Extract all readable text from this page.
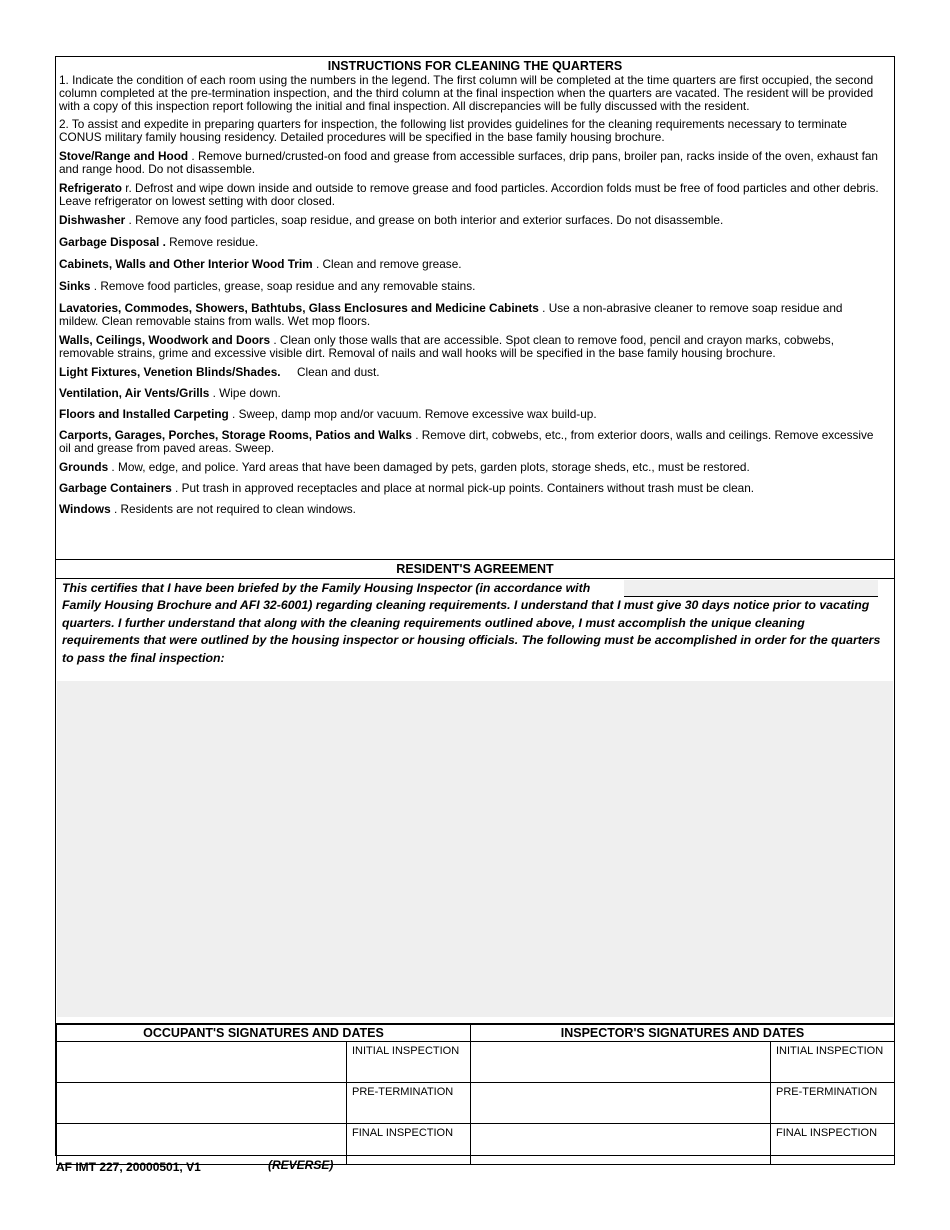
INSTRUCTIONS FOR CLEANING THE QUARTERS

1. Indicate the condition of each room using the numbers in the legend. The first column will be completed at the time quarters are first occupied, the second column completed at the pre-termination inspection, and the third column at the final inspection when the quarters are vacated. The resident will be provided with a copy of this inspection report following the initial and final inspection. All discrepancies will be fully discussed with the resident.

2. To assist and expedite in preparing quarters for inspection, the following list provides guidelines for the cleaning requirements necessary to terminate CONUS military family housing residency. Detailed procedures will be specified in the base family housing brochure.

Stove/Range and Hood . Remove burned/crusted-on food and grease from accessible surfaces, drip pans, broiler pan, racks inside of the oven, exhaust fan and range hood. Do not disassemble.

Refrigerato r. Defrost and wipe down inside and outside to remove grease and food particles. Accordion folds must be free of food particles and other debris. Leave refrigerator on lowest setting with door closed.

Dishwasher . Remove any food particles, soap residue, and grease on both interior and exterior surfaces. Do not disassemble.

Garbage Disposal . Remove residue.

Cabinets, Walls and Other Interior Wood Trim . Clean and remove grease.

Sinks . Remove food particles, grease, soap residue and any removable stains.

Lavatories, Commodes, Showers, Bathtubs, Glass Enclosures and Medicine Cabinets . Use a non-abrasive cleaner to remove soap residue and mildew. Clean removable stains from walls. Wet mop floors.

Walls, Ceilings, Woodwork and Doors . Clean only those walls that are accessible. Spot clean to remove food, pencil and crayon marks, cobwebs, removable strains, grime and excessive visible dirt. Removal of nails and wall hooks will be specified in the base family housing brochure.

Light Fixtures, Venetion Blinds/Shades.     Clean and dust.

Ventilation, Air Vents/Grills . Wipe down.

Floors and Installed Carpeting . Sweep, damp mop and/or vacuum. Remove excessive wax build-up.

Carports, Garages, Porches, Storage Rooms, Patios and Walks . Remove dirt, cobwebs, etc., from exterior doors, walls and ceilings. Remove excessive oil and grease from paved areas. Sweep.

Grounds . Mow, edge, and police. Yard areas that have been damaged by pets, garden plots, storage sheds, etc., must be restored.

Garbage Containers . Put trash in approved receptacles and place at normal pick-up points. Containers without trash must be clean.

Windows . Residents are not required to clean windows.

RESIDENT'S AGREEMENT
This certifies that I have been briefed by the Family Housing Inspector (in accordance with
Family Housing Brochure and AFI 32-6001) regarding cleaning requirements. I understand that I must give 30 days notice prior to vacating quarters. I further understand that along with the cleaning requirements outlined above, I must accomplish the unique cleaning requirements that were outlined by the housing inspector or housing officials. The following must be accomplished in order for the quarters to pass the final inspection:
OCCUPANT'S SIGNATURES AND DATES		INSPECTOR'S SIGNATURES AND DATES	
	INITIAL INSPECTION		INITIAL INSPECTION
	PRE-TERMINATION		PRE-TERMINATION
	FINAL INSPECTION		FINAL INSPECTION
AF IMT 227, 20000501, V1	(REVERSE)
